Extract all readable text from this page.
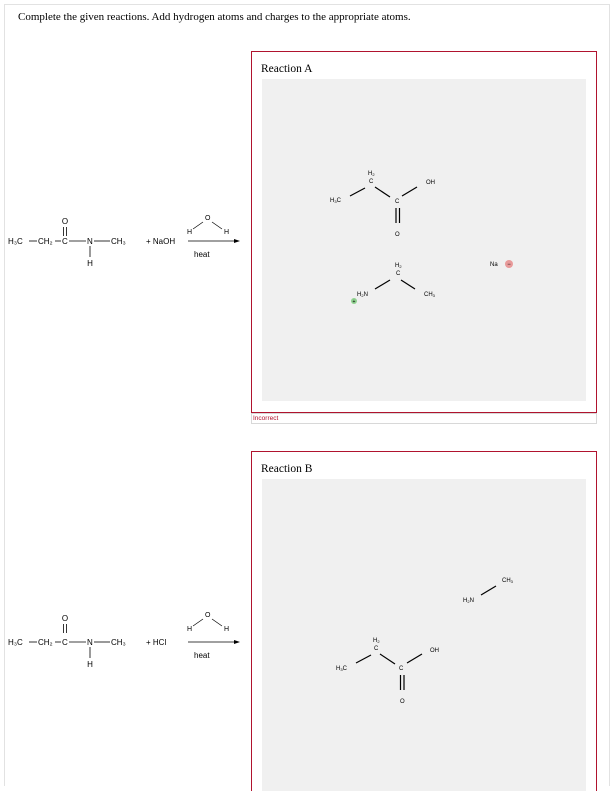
Complete the given reactions. Add hydrogen atoms and charges to the appropriate atoms.
O
H₃C CH₂ C N CH₃
H
+ NaOH
H
O
H
heat
Reaction A
H2
C
H3C	C
OH
O
H2
C
H2N
+
CH3
Na −
Incorrect
O
H₃C CH₂ C N CH₃
H
+ HCl
H
O
H
heat
Reaction B
CH3
H2N
H2
C
H3C	C
OH
O
